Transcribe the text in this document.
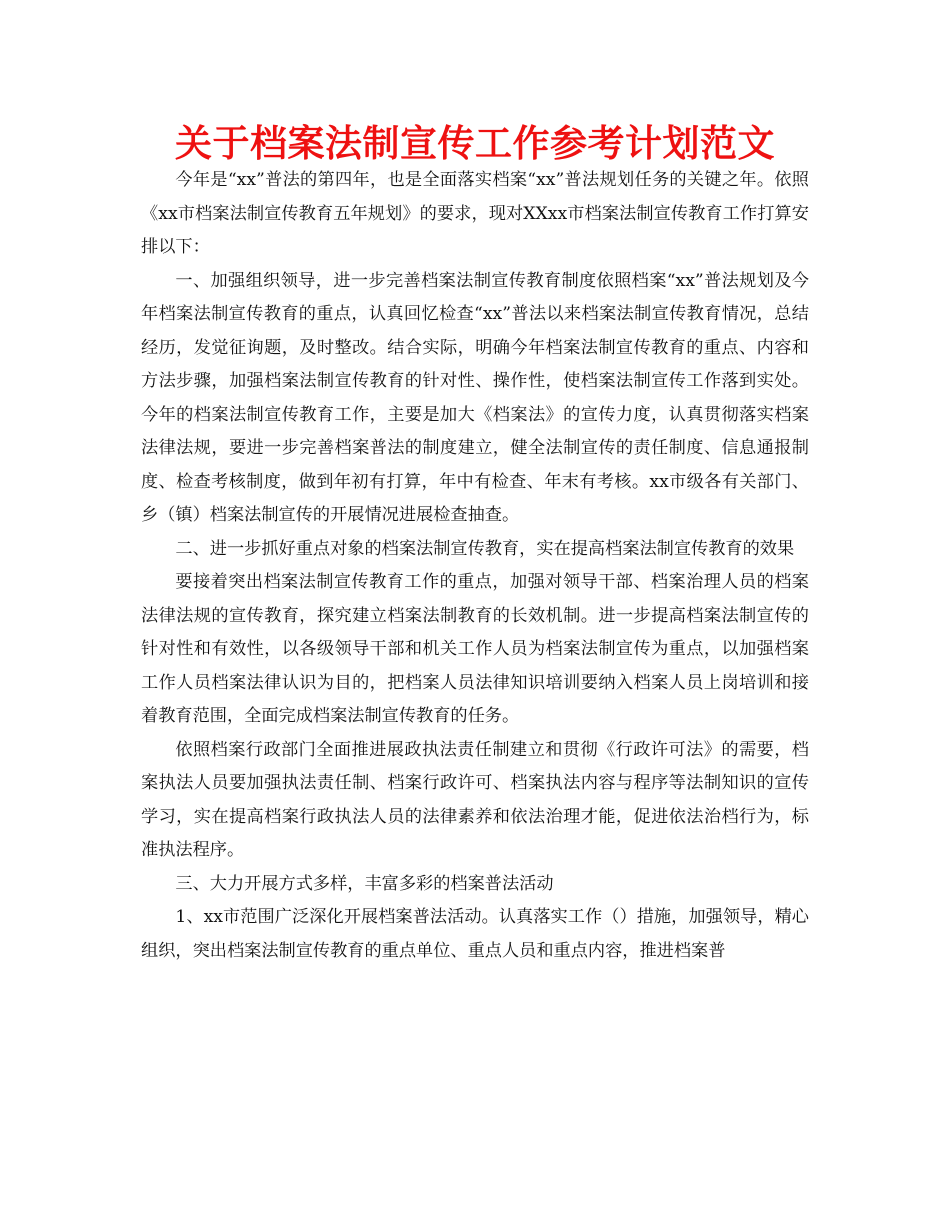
关于档案法制宣传工作参考计划范文

今年是“xx”普法的第四年，也是全面落实档案“xx”普法规划任务的关键之年。依照《xx市档案法制宣传教育五年规划》的要求，现对XXxx市档案法制宣传教育工作打算安排以下：

一、加强组织领导，进一步完善档案法制宣传教育制度依照档案“xx”普法规划及今年档案法制宣传教育的重点，认真回忆检查“xx”普法以来档案法制宣传教育情况，总结经历，发觉征询题，及时整改。结合实际，明确今年档案法制宣传教育的重点、内容和方法步骤，加强档案法制宣传教育的针对性、操作性，使档案法制宣传工作落到实处。今年的档案法制宣传教育工作，主要是加大《档案法》的宣传力度，认真贯彻落实档案法律法规，要进一步完善档案普法的制度建立，健全法制宣传的责任制度、信息通报制度、检查考核制度，做到年初有打算，年中有检查、年末有考核。xx市级各有关部门、乡（镇）档案法制宣传的开展情况进展检查抽查。

二、进一步抓好重点对象的档案法制宣传教育，实在提高档案法制宣传教育的效果

要接着突出档案法制宣传教育工作的重点，加强对领导干部、档案治理人员的档案法律法规的宣传教育，探究建立档案法制教育的长效机制。进一步提高档案法制宣传的针对性和有效性，以各级领导干部和机关工作人员为档案法制宣传为重点，以加强档案工作人员档案法律认识为目的，把档案人员法律知识培训要纳入档案人员上岗培训和接着教育范围，全面完成档案法制宣传教育的任务。

依照档案行政部门全面推进展政执法责任制建立和贯彻《行政许可法》的需要，档案执法人员要加强执法责任制、档案行政许可、档案执法内容与程序等法制知识的宣传学习，实在提高档案行政执法人员的法律素养和依法治理才能，促进依法治档行为，标准执法程序。

三、大力开展方式多样，丰富多彩的档案普法活动

1、xx市范围广泛深化开展档案普法活动。认真落实工作（）措施，加强领导，精心组织，突出档案法制宣传教育的重点单位、重点人员和重点内容，推进档案普
